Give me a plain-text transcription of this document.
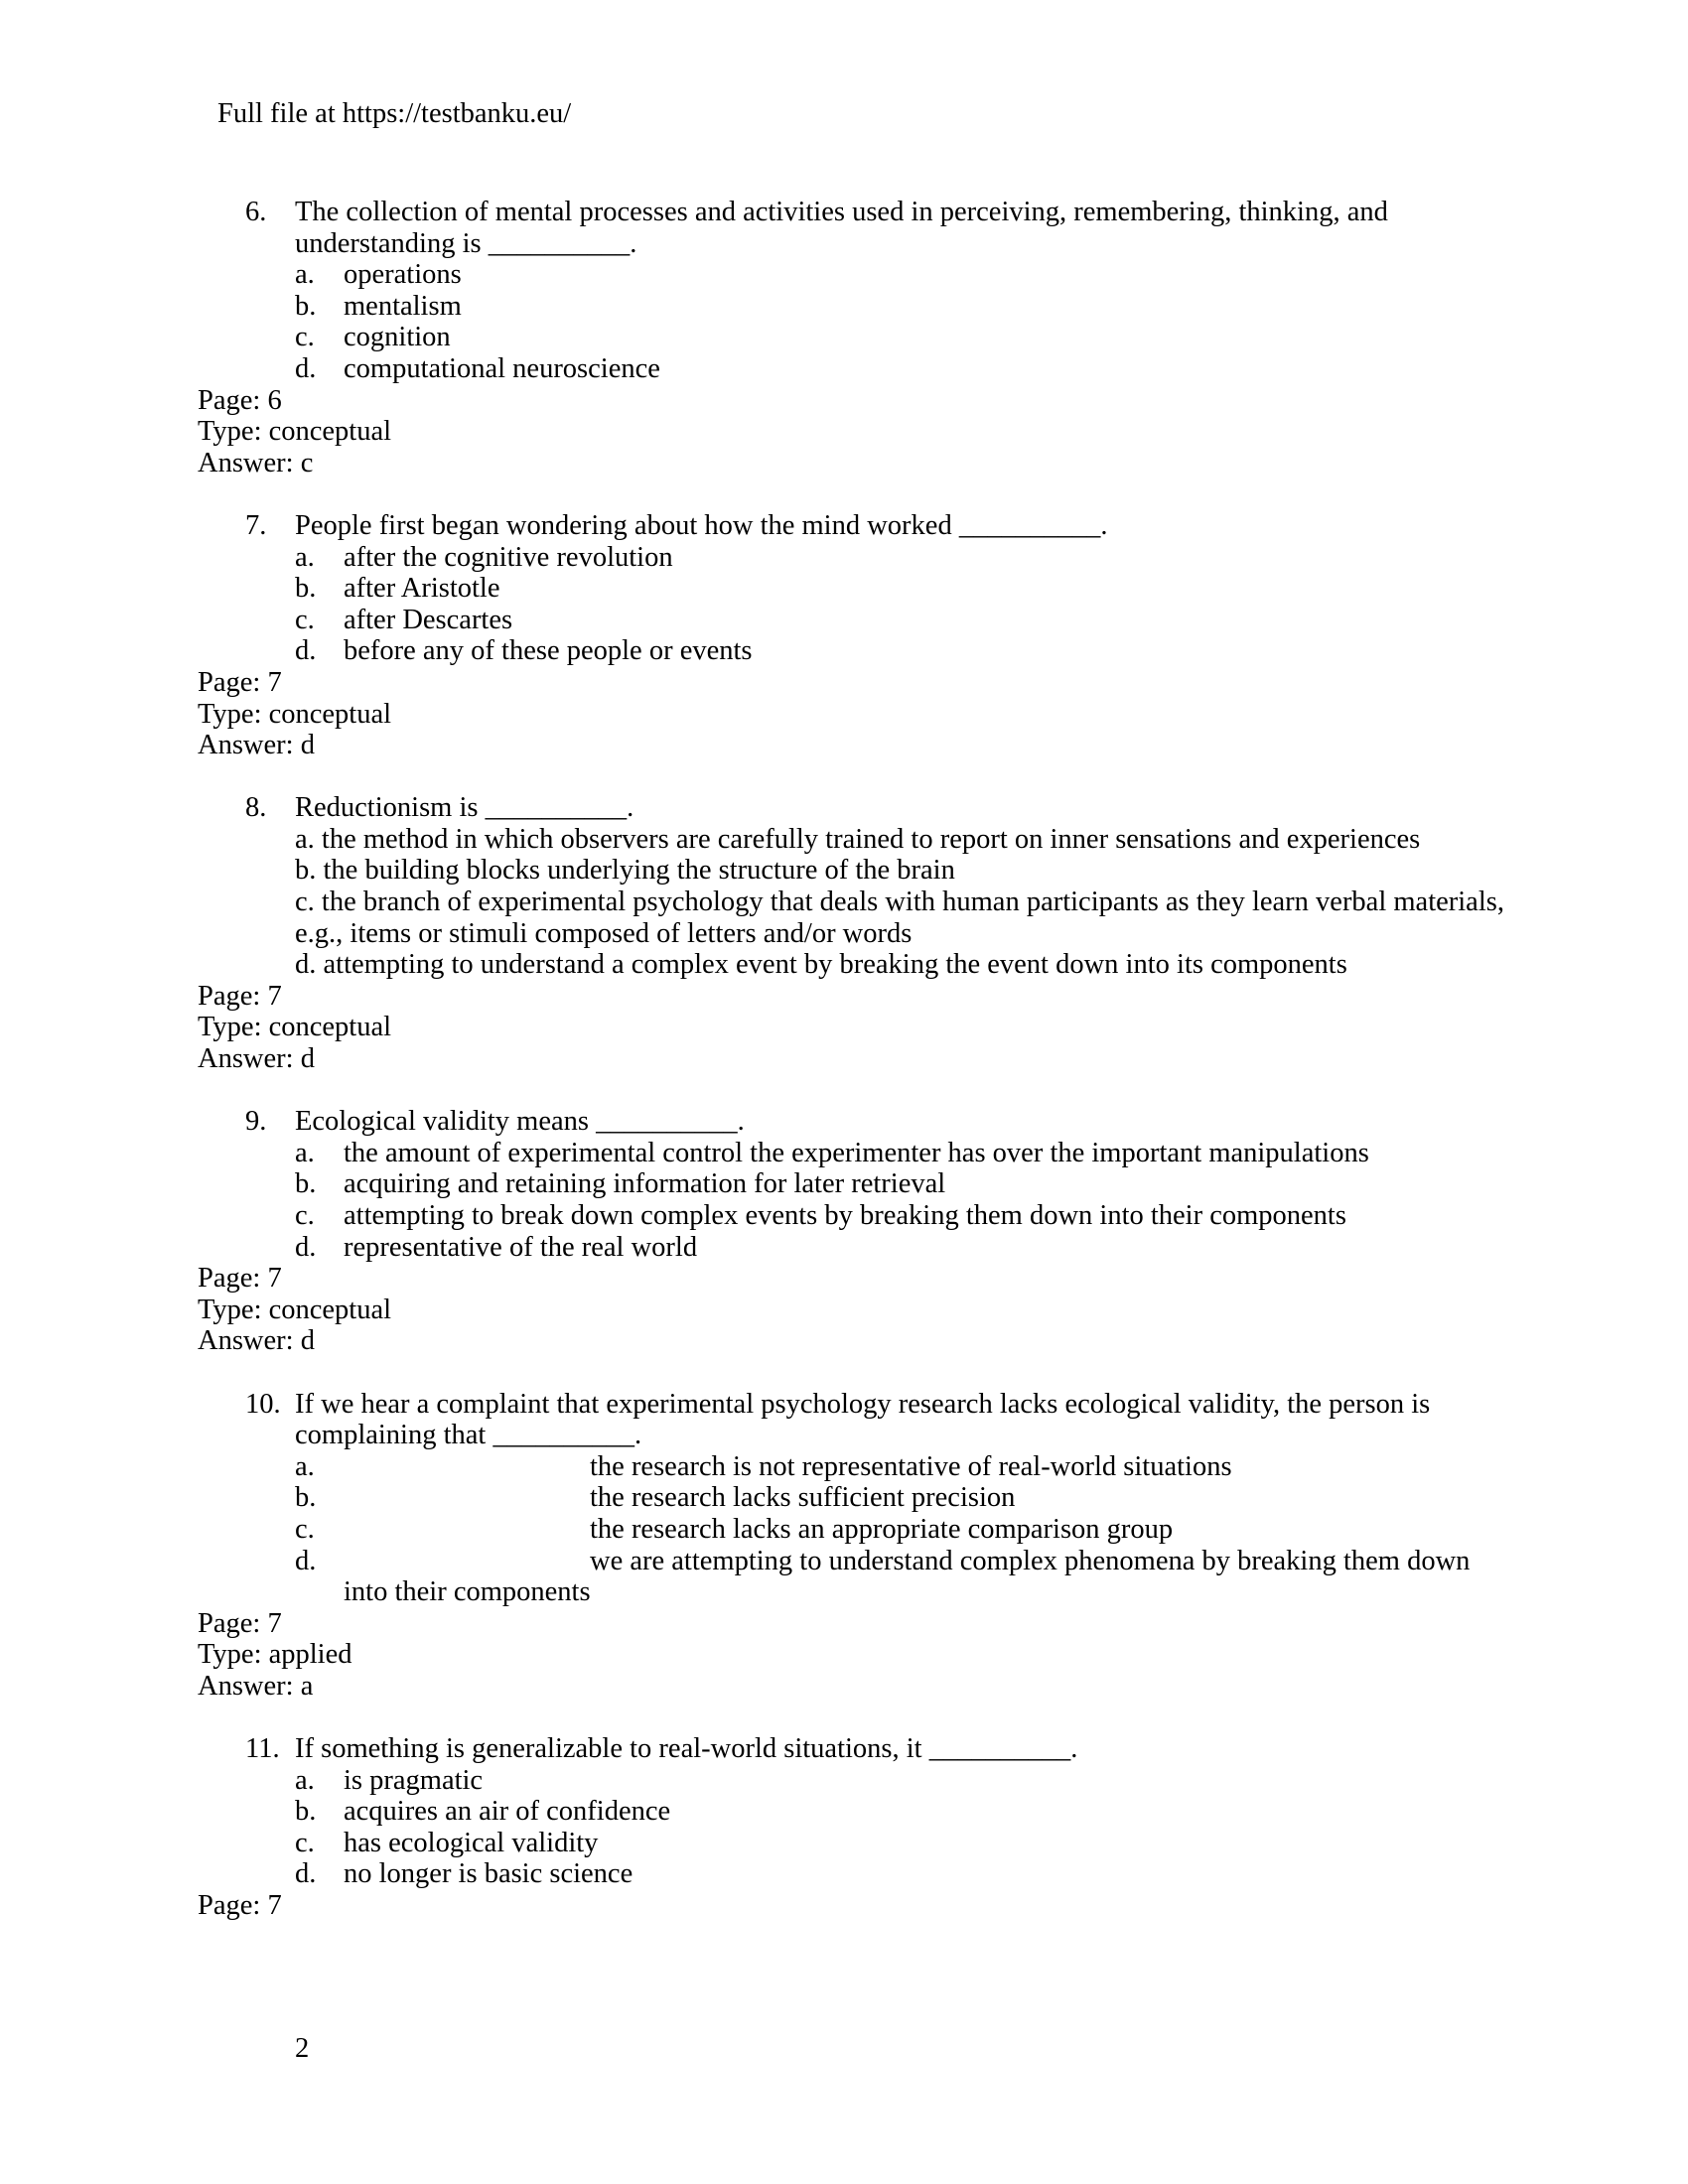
Full file at https://testbanku.eu/
6. The collection of mental processes and activities used in perceiving, remembering, thinking, and
understanding is __________.
a. operations
b. mentalism
c. cognition
d. computational neuroscience
Page: 6
Type: conceptual
Answer: c
7. People first began wondering about how the mind worked __________.
a. after the cognitive revolution
b. after Aristotle
c. after Descartes
d. before any of these people or events
Page: 7
Type: conceptual
Answer: d
8. Reductionism is __________.
a. the method in which observers are carefully trained to report on inner sensations and experiences
b. the building blocks underlying the structure of the brain
c. the branch of experimental psychology that deals with human participants as they learn verbal materials,
e.g., items or stimuli composed of letters and/or words
d. attempting to understand a complex event by breaking the event down into its components
Page: 7
Type: conceptual
Answer: d
9. Ecological validity means __________.
a. the amount of experimental control the experimenter has over the important manipulations
b. acquiring and retaining information for later retrieval
c. attempting to break down complex events by breaking them down into their components
d. representative of the real world
Page: 7
Type: conceptual
Answer: d
10. If we hear a complaint that experimental psychology research lacks ecological validity, the person is
complaining that __________.
a.	the research is not representative of real-world situations
b.	the research lacks sufficient precision
c.	the research lacks an appropriate comparison group
d.	we are attempting to understand complex phenomena by breaking them down
into their components
Page: 7
Type: applied
Answer: a
11. If something is generalizable to real-world situations, it __________.
a. is pragmatic
b. acquires an air of confidence
c. has ecological validity
d. no longer is basic science
Page: 7
2
